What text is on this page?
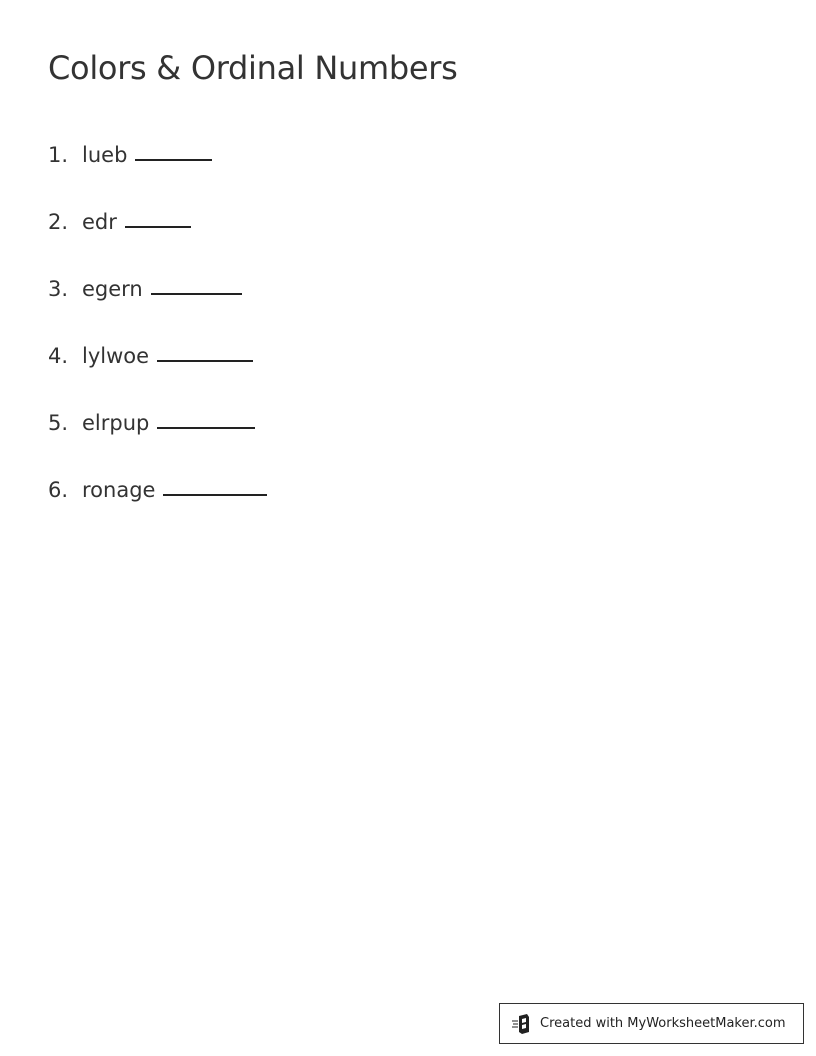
Colors & Ordinal Numbers
1. lueb
2. edr
3. egern
4. lylwoe
5. elrpup
6. ronage
Created with MyWorksheetMaker.com
